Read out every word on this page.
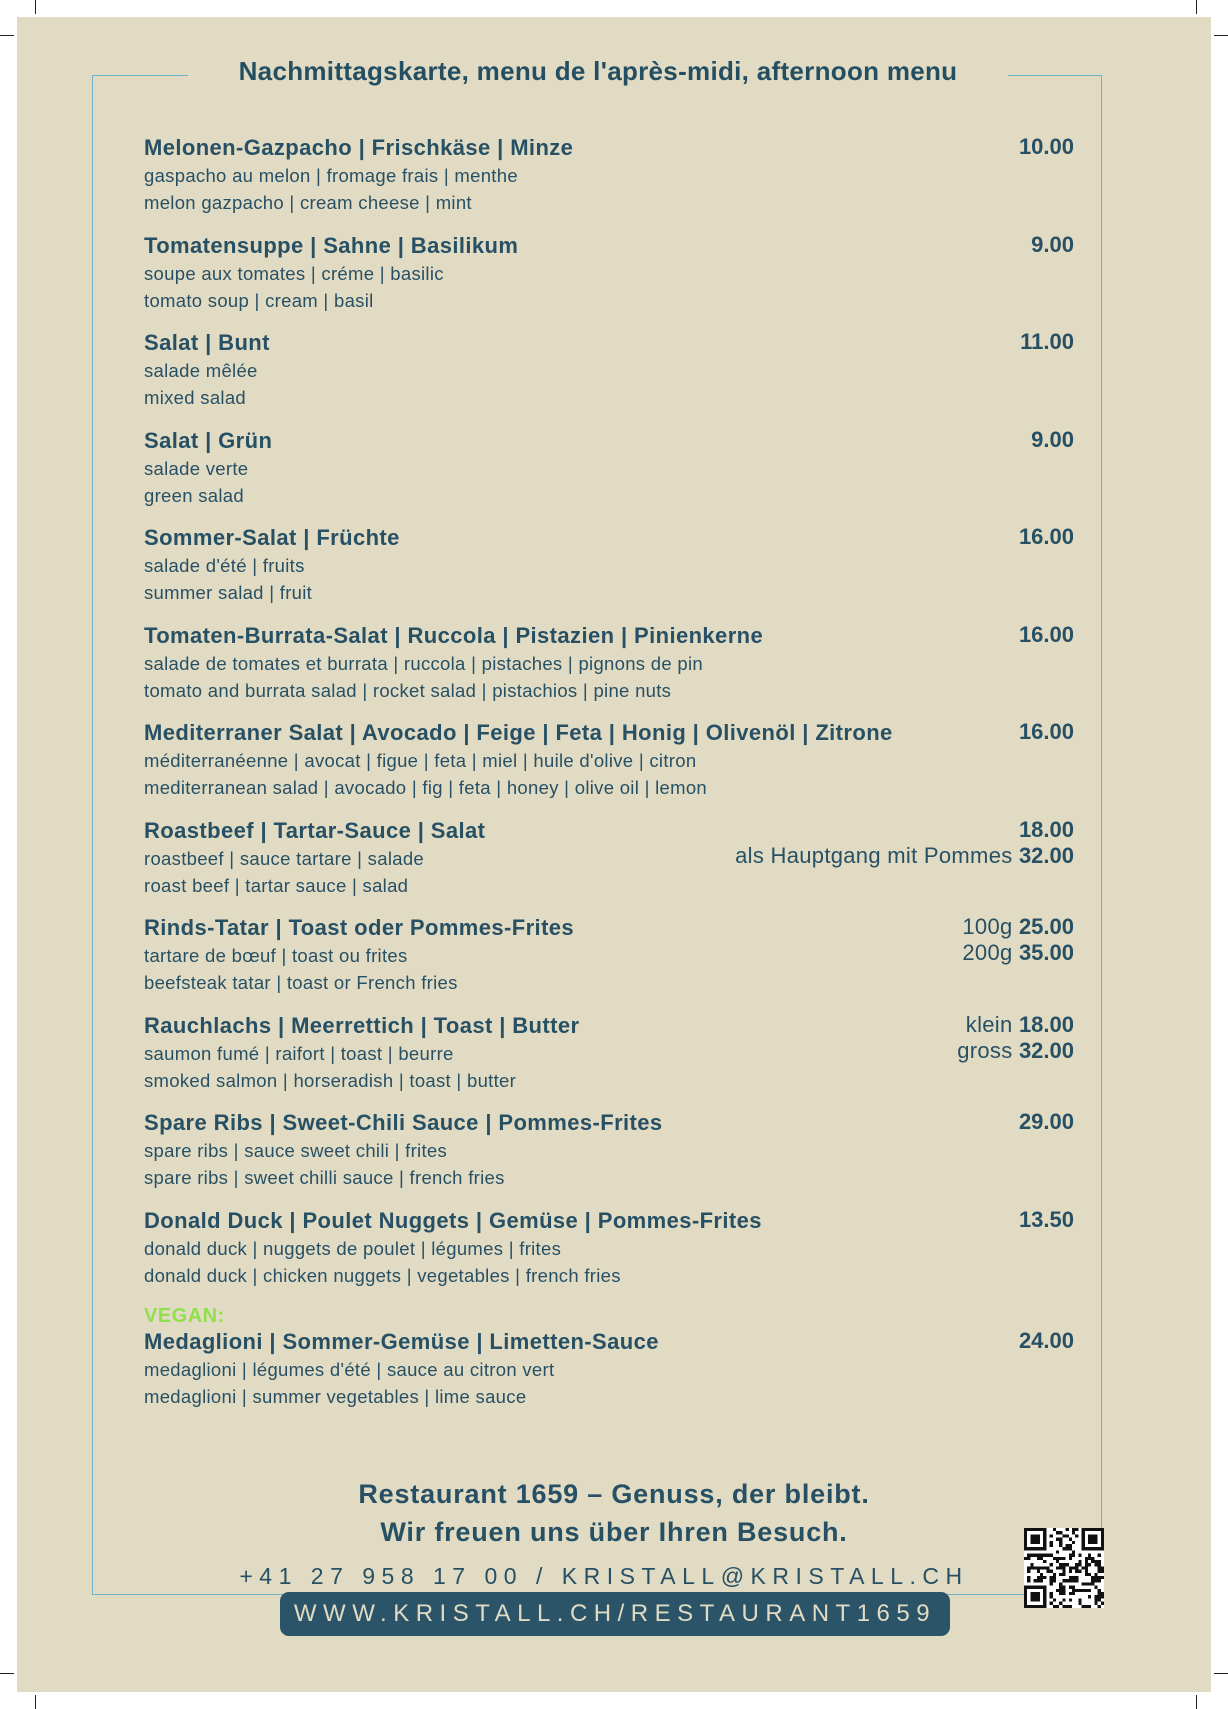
Nachmittagskarte, menu de l'après-midi, afternoon menu
Melonen-Gazpacho | Frischkäse | Minze
gaspacho au melon | fromage frais | menthe
melon gazpacho | cream cheese | mint
10.00
Tomatensuppe | Sahne | Basilikum
soupe aux tomates | créme | basilic
tomato soup | cream | basil
9.00
Salat | Bunt
salade mêlée
mixed salad
11.00
Salat | Grün
salade verte
green salad
9.00
Sommer-Salat | Früchte
salade d'été | fruits
summer salad | fruit
16.00
Tomaten-Burrata-Salat | Ruccola | Pistazien | Pinienkerne
salade de tomates et burrata | ruccola | pistaches | pignons de pin
tomato and burrata salad | rocket salad | pistachios | pine nuts
16.00
Mediterraner Salat | Avocado | Feige | Feta | Honig | Olivenöl | Zitrone
méditerranéenne | avocat | figue | feta | miel | huile d'olive | citron
mediterranean salad | avocado | fig | feta | honey | olive oil | lemon
16.00
Roastbeef | Tartar-Sauce | Salat
roastbeef | sauce tartare | salade
roast beef | tartar sauce | salad
18.00
als Hauptgang mit Pommes 32.00
Rinds-Tatar | Toast oder Pommes-Frites
tartare de bœuf | toast ou frites
beefsteak tatar | toast or French fries
100g 25.00
200g 35.00
Rauchlachs | Meerrettich | Toast | Butter
saumon fumé | raifort | toast | beurre
smoked salmon | horseradish | toast | butter
klein 18.00
gross 32.00
Spare Ribs | Sweet-Chili Sauce | Pommes-Frites
spare ribs | sauce sweet chili | frites
spare ribs | sweet chilli sauce | french fries
29.00
Donald Duck | Poulet Nuggets | Gemüse | Pommes-Frites
donald duck | nuggets de poulet | légumes | frites
donald duck | chicken nuggets | vegetables | french fries
13.50
VEGAN:
Medaglioni | Sommer-Gemüse | Limetten-Sauce
medaglioni | légumes d'été | sauce au citron vert
medaglioni | summer vegetables | lime sauce
24.00
Restaurant 1659 – Genuss, der bleibt.
Wir freuen uns über Ihren Besuch.
+41 27 958 17 00 / KRISTALL@KRISTALL.CH
WWW.KRISTALL.CH/RESTAURANT1659
